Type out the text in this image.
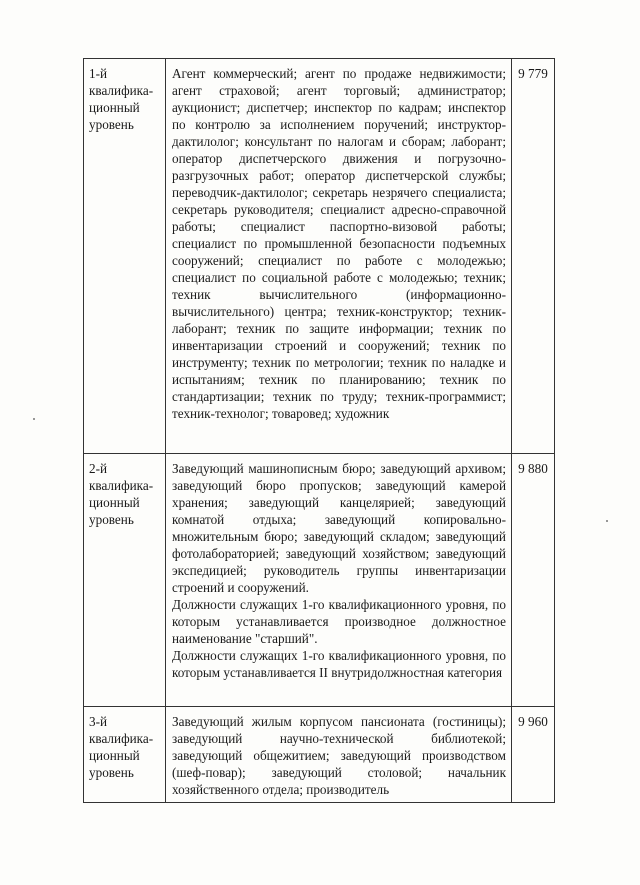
1-й квалифика-ционный уровень	Агент коммерческий; агент по продаже недвижимости; агент страховой; агент торговый; администратор; аукционист; диспетчер; инспектор по кадрам; инспектор по контролю за исполнением поручений; инструктор-дактилолог; консультант по налогам и сборам; лаборант; оператор диспетчерского движения и погрузочно-разгрузочных работ; оператор диспетчерской службы; переводчик-дактилолог; секретарь незрячего специалиста; секретарь руководителя; специалист адресно-справочной работы; специалист паспортно-визовой работы; специалист по промышленной безопасности подъемных сооружений; специалист по работе с молодежью; специалист по социальной работе с молодежью; техник; техник вычислительного (информационно-вычислительного) центра; техник-конструктор; техник-лаборант; техник по защите информации; техник по инвентаризации строений и сооружений; техник по инструменту; техник по метрологии; техник по наладке и испытаниям; техник по планированию; техник по стандартизации; техник по труду; техник-программист; техник-технолог; товаровед; художник	9 779
2-й квалифика-ционный уровень	Заведующий машинописным бюро; заведующий архивом; заведующий бюро пропусков; заведующий камерой хранения; заведующий канцелярией; заведующий комнатой отдыха; заведующий копировально-множительным бюро; заведующий складом; заведующий фотолабораторией; заведующий хозяйством; заведующий экспедицией; руководитель группы инвентаризации строений и сооружений.
Должности служащих 1-го квалификационного уровня, по которым устанавливается производное должностное наименование "старший".
Должности служащих 1-го квалификационного уровня, по которым устанавливается II внутридолжностная категория	9 880
3-й квалифика-ционный уровень	Заведующий жилым корпусом пансионата (гостиницы); заведующий научно-технической библиотекой; заведующий общежитием; заведующий производством (шеф-повар); заведующий столовой; начальник хозяйственного отдела; производитель	9 960
